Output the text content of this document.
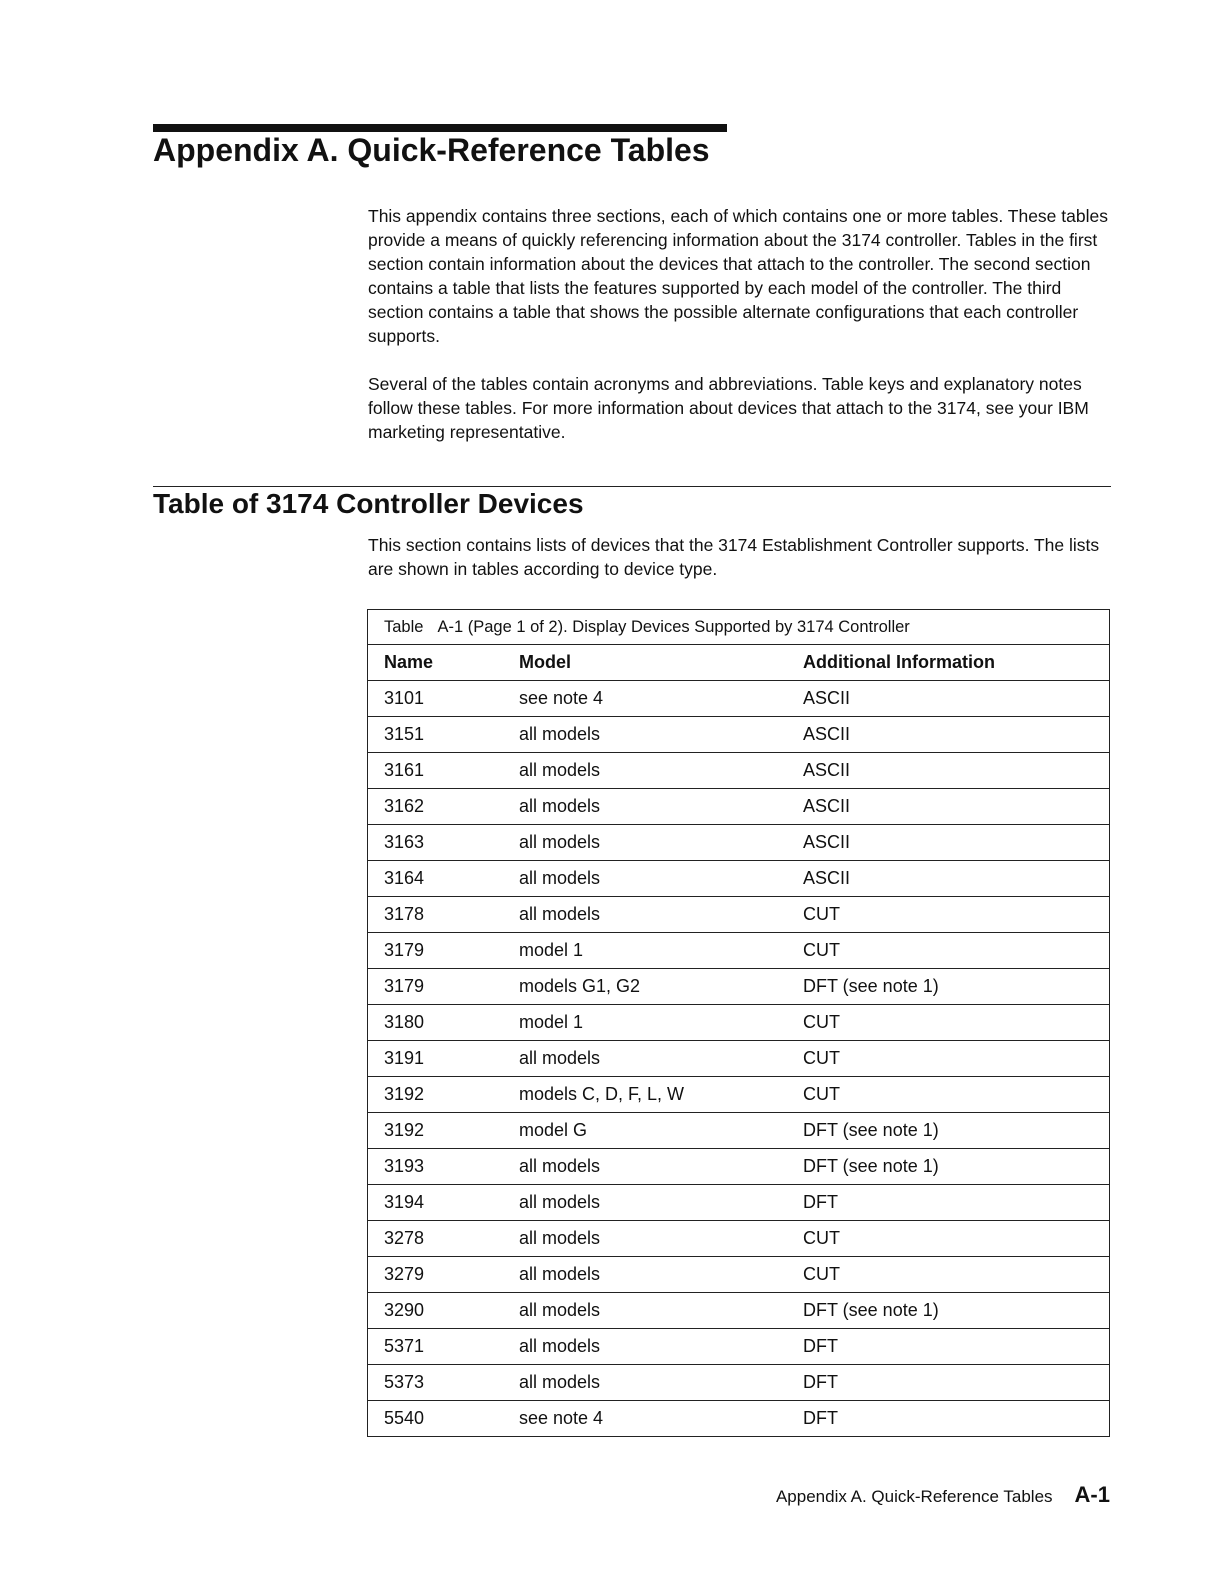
Appendix A. Quick-Reference Tables

This appendix contains three sections, each of which contains one or more tables. These tables provide a means of quickly referencing information about the 3174 controller. Tables in the first section contain information about the devices that attach to the controller. The second section contains a table that lists the features supported by each model of the controller. The third section contains a table that shows the possible alternate configurations that each controller supports.

Several of the tables contain acronyms and abbreviations. Table keys and explanatory notes follow these tables. For more information about devices that attach to the 3174, see your IBM marketing representative.

Table of 3174 Controller Devices

This section contains lists of devices that the 3174 Establishment Controller supports. The lists are shown in tables according to device type.

Table A-1 (Page 1 of 2). Display Devices Supported by 3174 Controller
Name	Model	Additional Information
3101	see note 4	ASCII
3151	all models	ASCII
3161	all models	ASCII
3162	all models	ASCII
3163	all models	ASCII
3164	all models	ASCII
3178	all models	CUT
3179	model 1	CUT
3179	models G1, G2	DFT (see note 1)
3180	model 1	CUT
3191	all models	CUT
3192	models C, D, F, L, W	CUT
3192	model G	DFT (see note 1)
3193	all models	DFT (see note 1)
3194	all models	DFT
3278	all models	CUT
3279	all models	CUT
3290	all models	DFT (see note 1)
5371	all models	DFT
5373	all models	DFT
5540	see note 4	DFT
Appendix A. Quick-Reference Tables A-1
